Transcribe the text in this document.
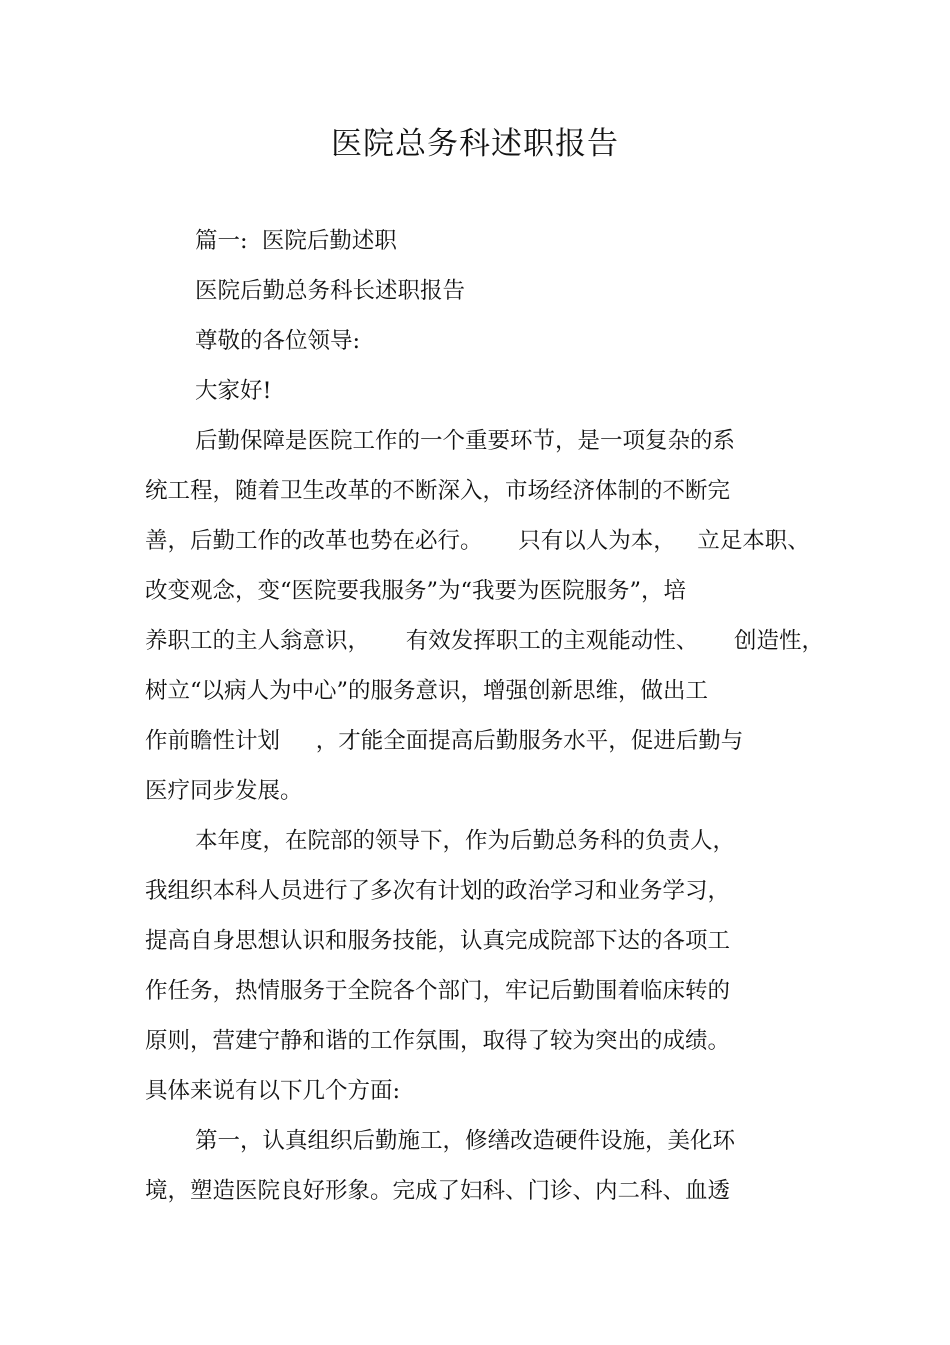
医院总务科述职报告
篇一:  医院后勤述职
医院后勤总务科长述职报告
尊敬的各位领导:
大家好!
后勤保障是医院工作的一个重要环节，是一项复杂的系
统工程，随着卫生改革的不断深入，市场经济体制的不断完
善，后勤工作的改革也势在必行。     只有以人为本，   立足本职、
改变观念，变“医院要我服务”为“我要为医院服务”，培
养职工的主人翁意识，     有效发挥职工的主观能动性、     创造性，
树立“以病人为中心”的服务意识，增强创新思维，做出工
作前瞻性计划     ，才能全面提高后勤服务水平，促进后勤与
医疗同步发展。
本年度，在院部的领导下，作为后勤总务科的负责人，
我组织本科人员进行了多次有计划的政治学习和业务学习，
提高自身思想认识和服务技能，认真完成院部下达的各项工
作任务，热情服务于全院各个部门，牢记后勤围着临床转的
原则，营建宁静和谐的工作氛围，取得了较为突出的成绩。
具体来说有以下几个方面:
第一，认真组织后勤施工，修缮改造硬件设施，美化环
境，塑造医院良好形象。完成了妇科、门诊、内二科、血透
